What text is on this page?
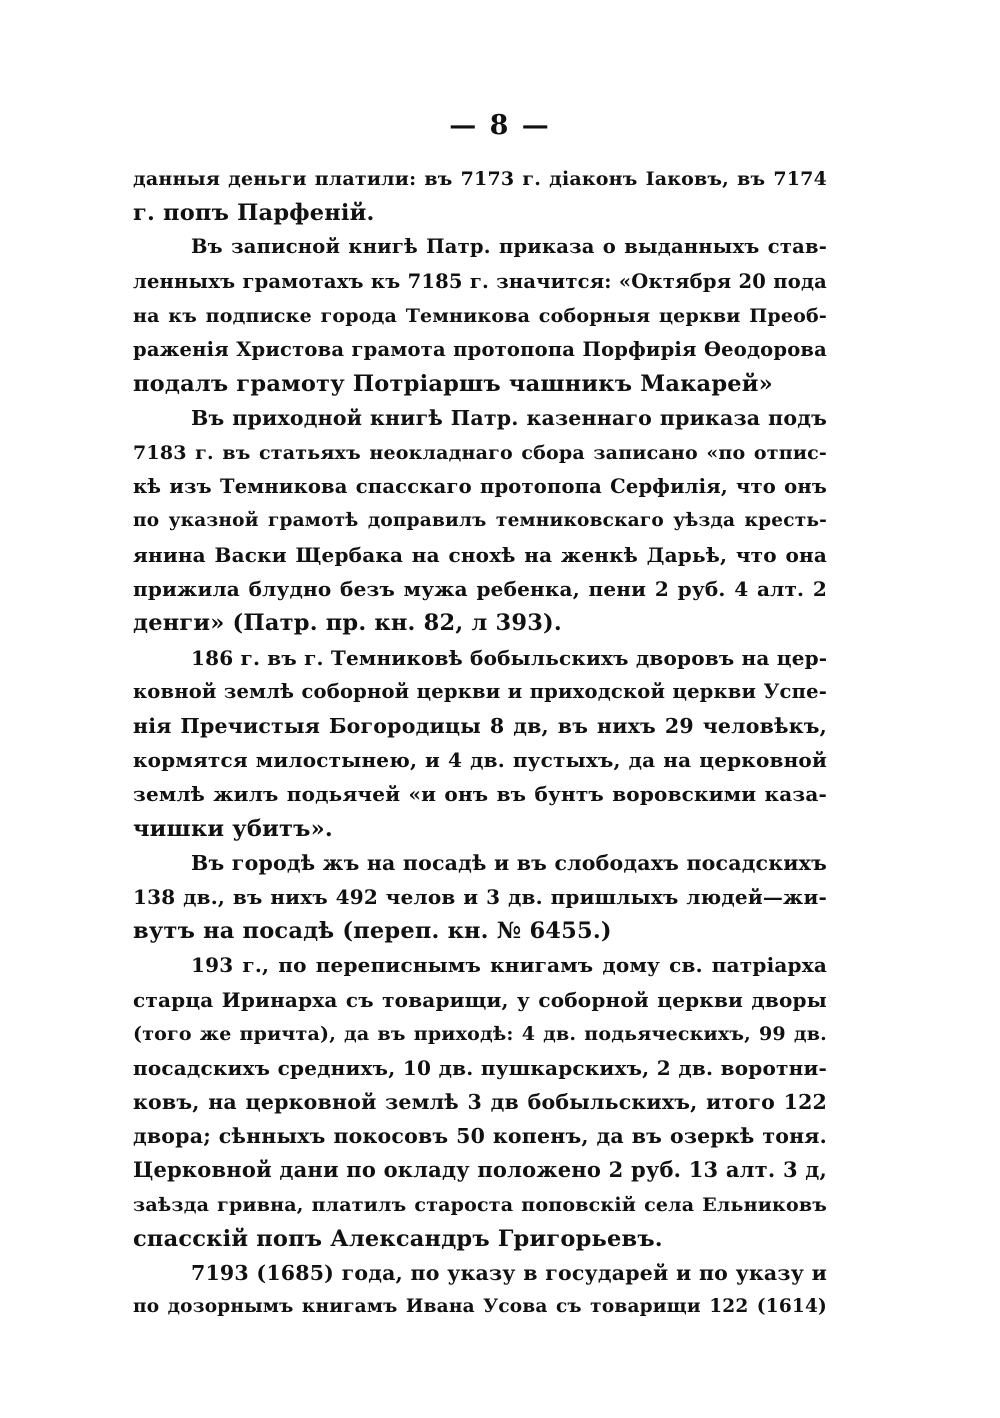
— 8 —
данныя деньги платили: въ 7173 г. діаконъ Іаковъ, въ 7174
г. попъ Парфеній.
Въ записной книгѣ Патр. приказа о выданныхъ став-
ленныхъ грамотахъ къ 7185 г. значится: «Октября 20 пода
на къ подписке города Темникова соборныя церкви Преоб-
раженія Христова грамота протопопа Порфирія Ѳеодорова
подалъ грамоту Потріаршъ чашникъ Макарей»
Въ приходной книгѣ Патр. казеннаго приказа подъ
7183 г. въ статьяхъ неокладнаго сбора записано «по отпис-
кѣ изъ Темникова спасскаго протопопа Серфилія, что онъ
по указной грамотѣ доправилъ темниковскаго уѣзда кресть-
янина Васки Щербака на снохѣ на женкѣ Дарьѣ, что она
прижила блудно безъ мужа ребенка, пени 2 руб. 4 алт. 2
денги» (Патр. пр. кн. 82, л 393).
186 г. въ г. Темниковѣ бобыльскихъ дворовъ на цер-
ковной землѣ соборной церкви и приходской церкви Успе-
нія Пречистыя Богородицы 8 дв, въ нихъ 29 человѣкъ,
кормятся милостынею, и 4 дв. пустыхъ, да на церковной
землѣ жилъ подьячей «и онъ въ бунтъ воровскими каза-
чишки убитъ».
Въ городѣ жъ на посадѣ и въ слободахъ посадскихъ
138 дв., въ нихъ 492 челов и 3 дв. пришлыхъ людей—жи-
вутъ на посадѣ (переп. кн. № 6455.)
193 г., по переписнымъ книгамъ дому св. патріарха
старца Иринарха съ товарищи, у соборной церкви дворы
(того же причта), да въ приходѣ: 4 дв. подьяческихъ, 99 дв.
посадскихъ среднихъ, 10 дв. пушкарскихъ, 2 дв. воротни-
ковъ, на церковной землѣ 3 дв бобыльскихъ, итого 122
двора; сѣнныхъ покосовъ 50 копенъ, да въ озеркѣ тоня.
Церковной дани по окладу положено 2 руб. 13 алт. 3 д,
заѣзда гривна, платилъ староста поповскій села Ельниковъ
спасскій попъ Александръ Григорьевъ.
7193 (1685) года, по указу в государей и по указу и
по дозорнымъ книгамъ Ивана Усова съ товарищи 122 (1614)
